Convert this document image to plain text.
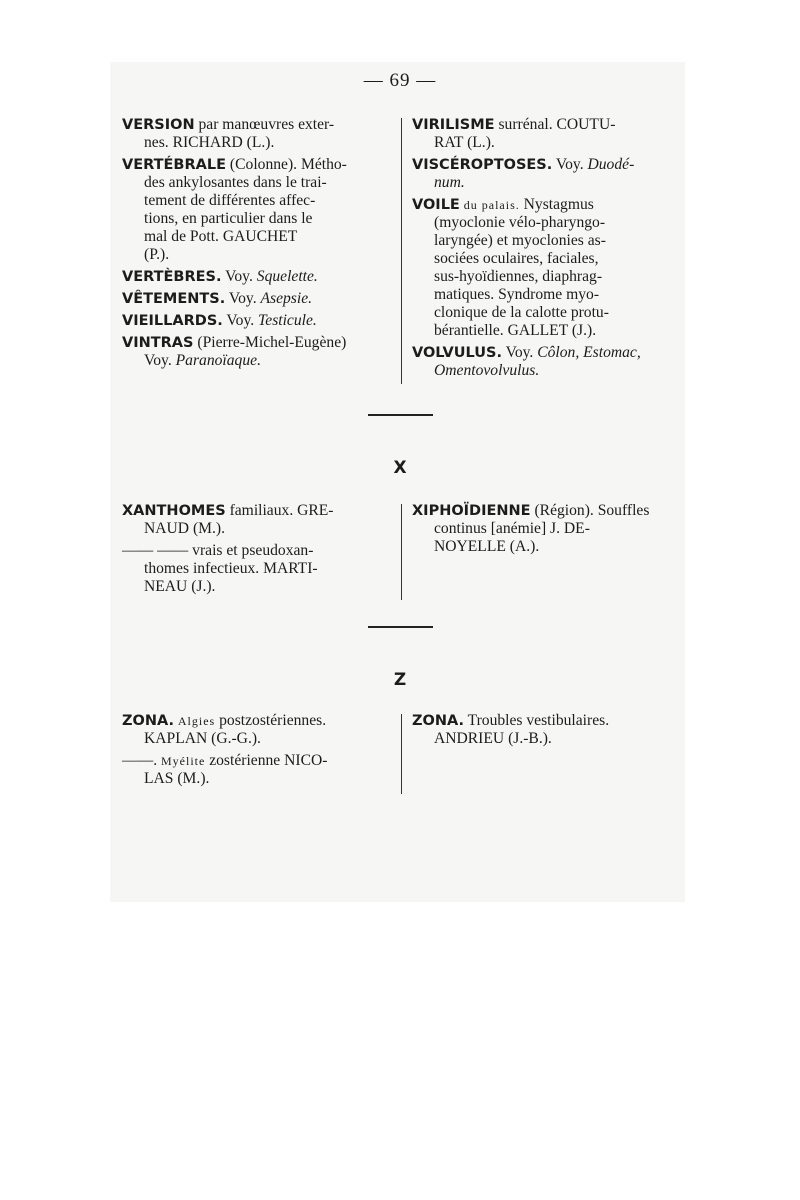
— 69 —
VERSION par manœuvres exter-
nes. RICHARD (L.).
VERTÉBRALE (Colonne). Métho-
des ankylosantes dans le trai-
tement de différentes affec-
tions, en particulier dans le
mal de Pott. GAUCHET
(P.).
VERTÈBRES. Voy. Squelette.
VÊTEMENTS. Voy. Asepsie.
VIEILLARDS. Voy. Testicule.
VINTRAS (Pierre-Michel-Eugène)
Voy. Paranoïaque.
VIRILISME surrénal. COUTU-
RAT (L.).
VISCÉROPTOSES. Voy. Duodé-
num.
VOILE du palais. Nystagmus
(myoclonie vélo-pharyngo-
laryngée) et myoclonies as-
sociées oculaires, faciales,
sus-hyoïdiennes, diaphrag-
matiques. Syndrome myo-
clonique de la calotte protu-
bérantielle. GALLET (J.).
VOLVULUS. Voy. Côlon, Estomac,
Omentovolvulus.
X
XANTHOMES familiaux. GRE-
NAUD (M.).
—— —— vrais et pseudoxan-
thomes infectieux. MARTI-
NEAU (J.).
XIPHOÏDIENNE (Région). Souffles
continus [anémie] J. DE-
NOYELLE (A.).
Z
ZONA. Algies postzostériennes.
KAPLAN (G.-G.).
——. Myélite zostérienne NICO-
LAS (M.).
ZONA. Troubles vestibulaires.
ANDRIEU (J.-B.).
